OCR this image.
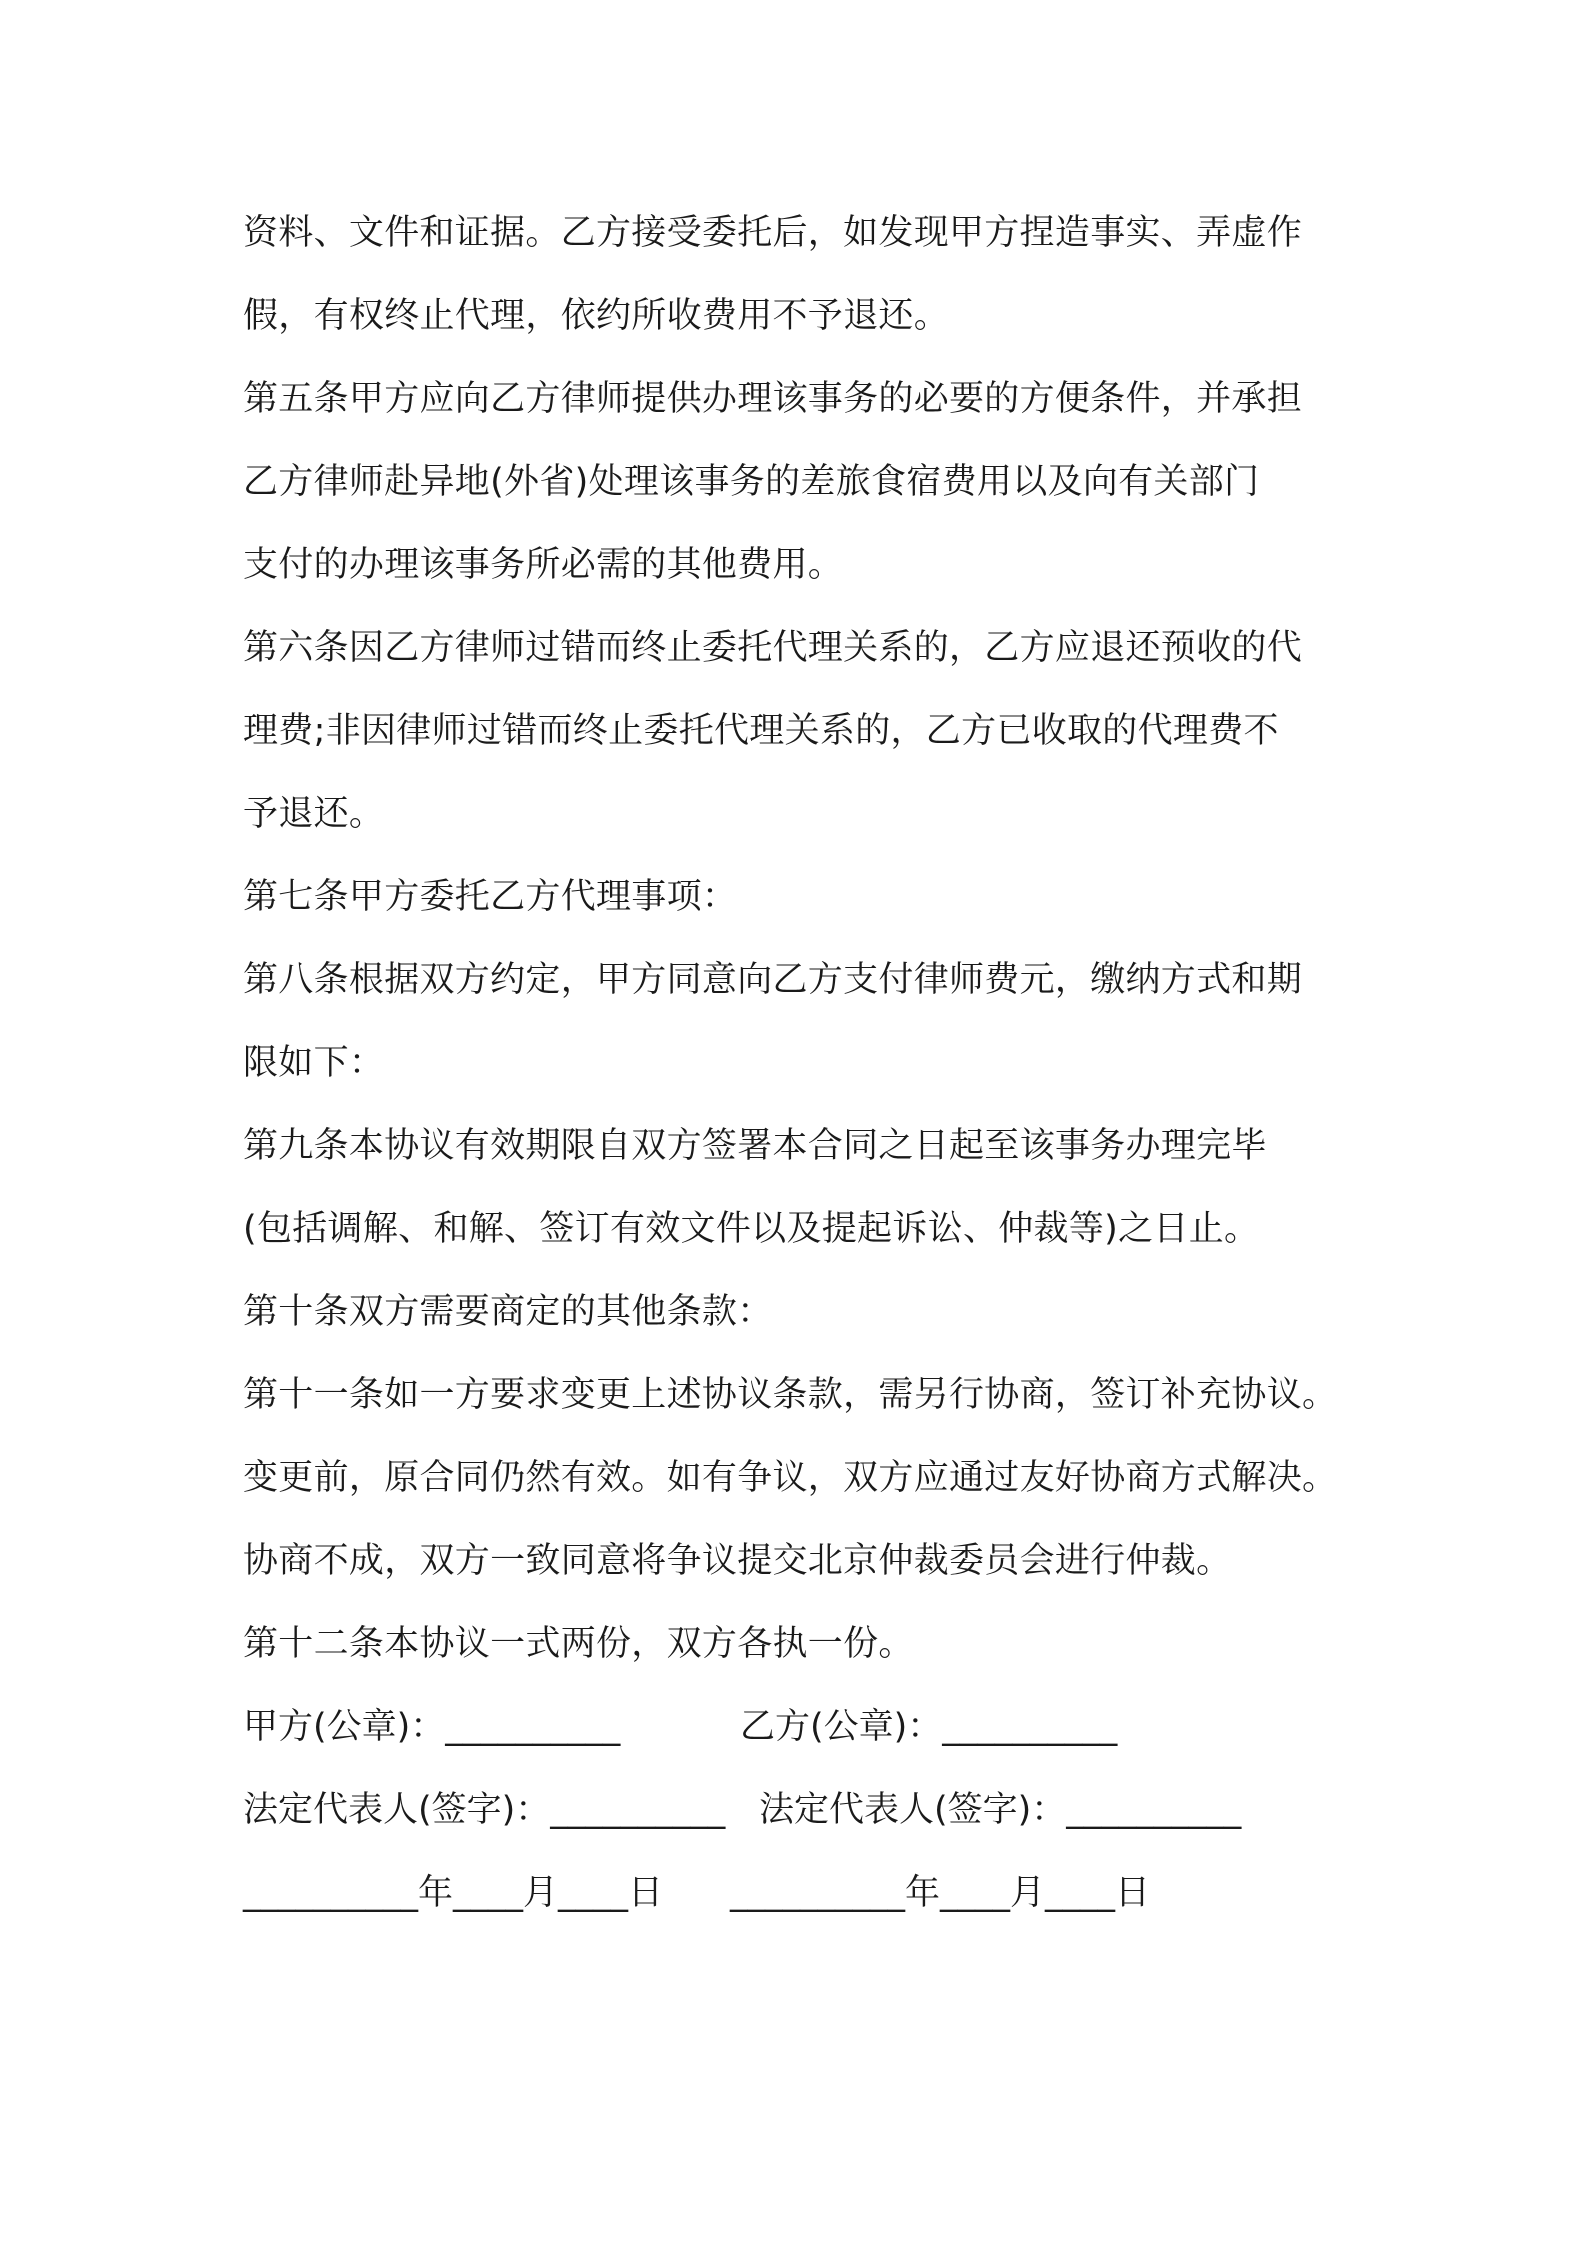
资料、文件和证据。乙方接受委托后，如发现甲方捏造事实、弄虚作
假，有权终止代理，依约所收费用不予退还。
第五条甲方应向乙方律师提供办理该事务的必要的方便条件，并承担
乙方律师赴异地(外省)处理该事务的差旅食宿费用以及向有关部门
支付的办理该事务所必需的其他费用。
第六条因乙方律师过错而终止委托代理关系的，乙方应退还预收的代
理费;非因律师过错而终止委托代理关系的，乙方已收取的代理费不
予退还。
第七条甲方委托乙方代理事项：
第八条根据双方约定，甲方同意向乙方支付律师费元，缴纳方式和期
限如下：
第九条本协议有效期限自双方签署本合同之日起至该事务办理完毕
(包括调解、和解、签订有效文件以及提起诉讼、仲裁等)之日止。
第十条双方需要商定的其他条款：
第十一条如一方要求变更上述协议条款，需另行协商，签订补充协议。
变更前，原合同仍然有效。如有争议，双方应通过友好协商方式解决。
协商不成，双方一致同意将争议提交北京仲裁委员会进行仲裁。
第十二条本协议一式两份，双方各执一份。
甲方(公章)：__________	乙方(公章)：__________
法定代表人(签字)：__________ 法定代表人(签字)：__________
__________年____月____日 __________年____月____日
